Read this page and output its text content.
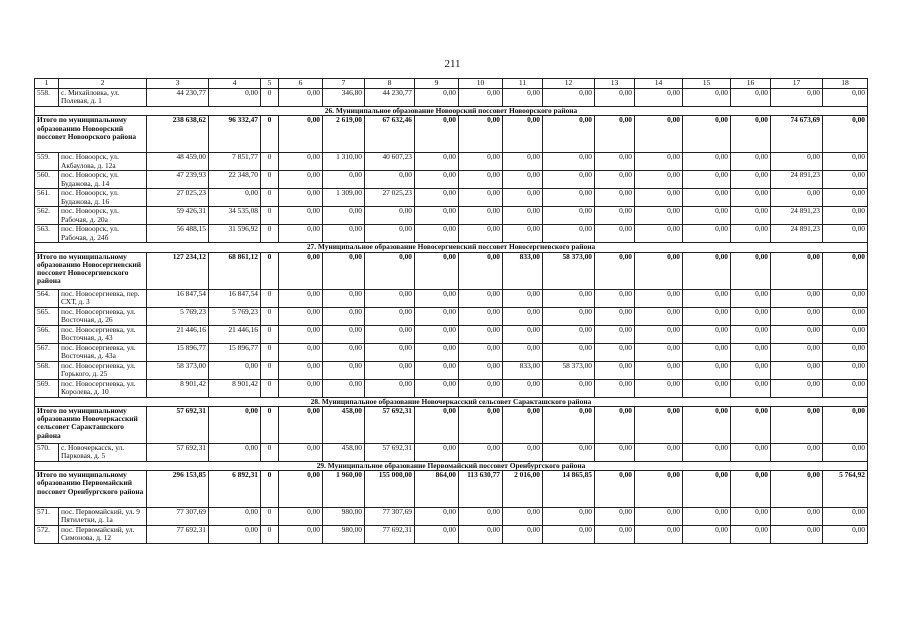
211
1	2	3	4	5	6	7	8	9	10	11	12	13	14	15	16	17	18
558.	с. Михайловка, ул. Полевая, д. 1	44 230,77	0,00	0	0,00	346,80	44 230,77	0,00	0,00	0,00	0,00	0,00	0,00	0,00	0,00	0,00	0,00
26. Муниципальное образование Новоорский поссовет Новоорского района																	
Итого по муниципальному образованию Новоорский поссовет Новоорского района		238 638,62	96 332,47	0	0,00	2 619,00	67 632,46	0,00	0,00	0,00	0,00	0,00	0,00	0,00	0,00	74 673,69	0,00
559.	пос. Новоорск, ул. Акбаулова, д. 12а	48 459,00	7 851,77	0	0,00	1 310,00	40 607,23	0,00	0,00	0,00	0,00	0,00	0,00	0,00	0,00	0,00	0,00
560.	пос. Новоорск, ул. Будажова, д. 14	47 239,93	22 348,70	0	0,00	0,00	0,00	0,00	0,00	0,00	0,00	0,00	0,00	0,00	0,00	24 891,23	0,00
561.	пос. Новоорск, ул. Будажова, д. 16	27 025,23	0,00	0	0,00	1 309,00	27 025,23	0,00	0,00	0,00	0,00	0,00	0,00	0,00	0,00	0,00	0,00
562.	пос. Новоорск, ул. Рабочая, д. 20а	59 426,31	34 535,08	0	0,00	0,00	0,00	0,00	0,00	0,00	0,00	0,00	0,00	0,00	0,00	24 891,23	0,00
563.	пос. Новоорск, ул. Рабочая, д. 24б	56 488,15	31 596,92	0	0,00	0,00	0,00	0,00	0,00	0,00	0,00	0,00	0,00	0,00	0,00	24 891,23	0,00
27. Муниципальное образование Новосергиевский поссовет Новосергиевского района																	
Итого по муниципальному образованию Новосергиевский поссовет Новосергиевского района		127 234,12	68 861,12	0	0,00	0,00	0,00	0,00	0,00	833,00	58 373,00	0,00	0,00	0,00	0,00	0,00	0,00
564.	пос. Новосергиевка, пер. СХТ, д. 3	16 847,54	16 847,54	0	0,00	0,00	0,00	0,00	0,00	0,00	0,00	0,00	0,00	0,00	0,00	0,00	0,00
565.	пос. Новосергиевка, ул. Восточная, д. 26	5 769,23	5 769,23	0	0,00	0,00	0,00	0,00	0,00	0,00	0,00	0,00	0,00	0,00	0,00	0,00	0,00
566.	пос. Новосергиевка, ул. Восточная, д. 43	21 446,16	21 446,16	0	0,00	0,00	0,00	0,00	0,00	0,00	0,00	0,00	0,00	0,00	0,00	0,00	0,00
567.	пос. Новосергиевка, ул. Восточная, д. 43а	15 896,77	15 896,77	0	0,00	0,00	0,00	0,00	0,00	0,00	0,00	0,00	0,00	0,00	0,00	0,00	0,00
568.	пос. Новосергиевка, ул. Горького, д. 25	58 373,00	0,00	0	0,00	0,00	0,00	0,00	0,00	833,00	58 373,00	0,00	0,00	0,00	0,00	0,00	0,00
569.	пос. Новосергиевка, ул. Королева, д. 10	8 901,42	8 901,42	0	0,00	0,00	0,00	0,00	0,00	0,00	0,00	0,00	0,00	0,00	0,00	0,00	0,00
28. Муниципальное образование Новочеркасский сельсовет Саракташского района																	
Итого по муниципальному образованию Новочеркасский сельсовет Саракташского района		57 692,31	0,00	0	0,00	458,00	57 692,31	0,00	0,00	0,00	0,00	0,00	0,00	0,00	0,00	0,00	0,00
570.	с. Новочеркасск, ул. Парковая, д. 5	57 692,31	0,00	0	0,00	458,00	57 692,31	0,00	0,00	0,00	0,00	0,00	0,00	0,00	0,00	0,00	0,00
29. Муниципальное образование Первомайский поссовет Оренбургского района																	
Итого по муниципальному образованию Первомайский поссовет Оренбургского района		296 153,85	6 892,31	0	0,00	1 960,00	155 000,00	864,00	113 630,77	2 016,00	14 865,85	0,00	0,00	0,00	0,00	0,00	5 764,92
571.	пос. Первомайский, ул. 9 Пятилетки, д. 1а	77 307,69	0,00	0	0,00	980,00	77 307,69	0,00	0,00	0,00	0,00	0,00	0,00	0,00	0,00	0,00	0,00
572.	пос. Первомайский, ул. Симонова, д. 12	77 692,31	0,00	0	0,00	980,00	77 692,31	0,00	0,00	0,00	0,00	0,00	0,00	0,00	0,00	0,00	0,00
